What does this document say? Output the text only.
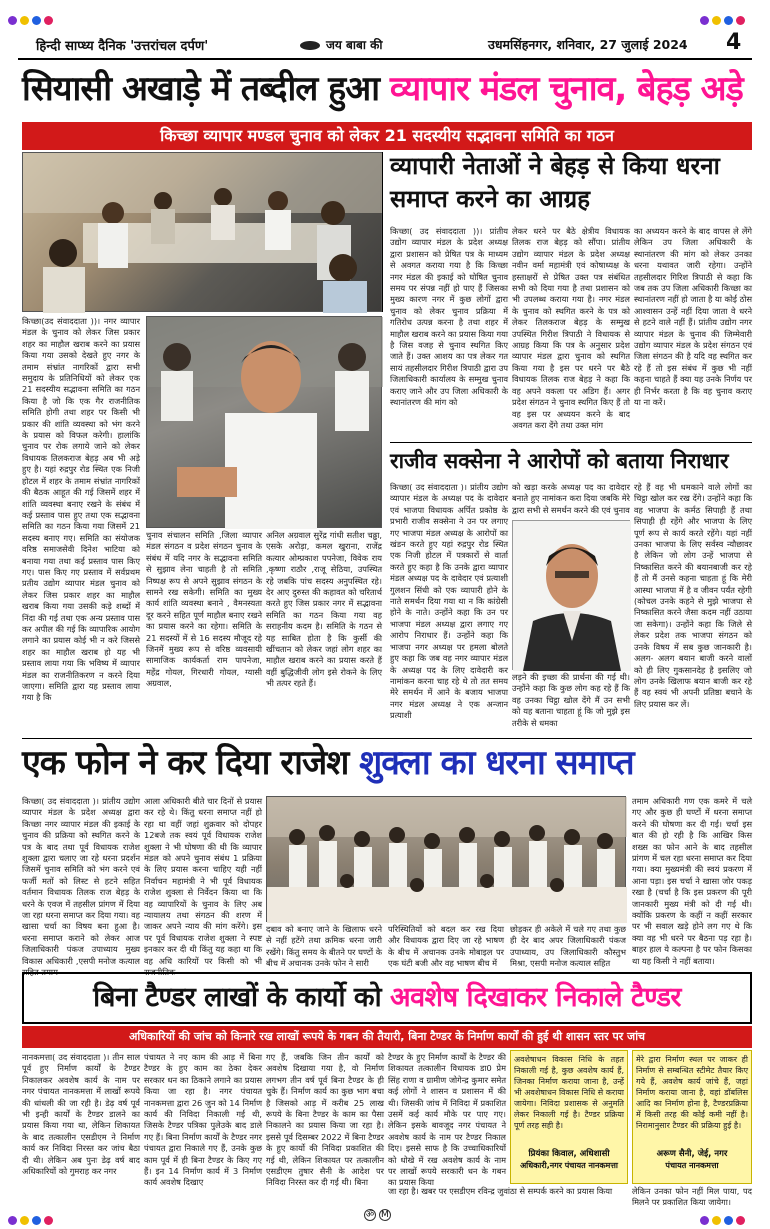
हिन्दी साप्ध्य दैनिक 'उत्तरांचल दर्पण'	जय बाबा की	उधमसिंहनगर, शनिवार, 27 जुलाई 2024 4
सियासी अखाड़े में तब्दील हुआ व्यापार मंडल चुनाव, बेहड़ अड़े
किच्छा व्यापार मण्डल चुनाव को लेकर 21 सदस्यीय सद्भावना समिति का गठन
व्यापारी नेताओं ने बेहड़ से किया धरना समाप्त करने का आग्रह
किच्छा( उद संवाददाता ))। प्रांतीय उद्योग व्यापार मंडल के प्रदेश अध्यक्ष द्वारा प्रशासन को प्रेषित पत्र के माध्यम से अवगत कराया गया है कि किच्छा नगर मंडल की इकाई को घोषित चुनाव समय पर संपन्न नहीं हो पाए हैं जिसका मुख्य कारण नगर में कुछ लोगों द्वारा चुनाव को लेकर चुनाव प्रक्रिया में गतिरोध उत्पन्न करना है तथा शहर में माहौल खराब करने का प्रयास किया गया है जिस वजह से चुनाव स्थगित किए जाते हैं। उक्त आशय का पत्र लेकर गत सायं तहसीलदार गिरीश त्रिपाठी द्वारा उप जिलाधिकारी कार्यालय के सम्मुख चुनाव कराए जाने और उप जिला अधिकारी के स्थानांतरण की मांग को
लेकर धरने पर बैठे क्षेत्रीय विधायक तिलक राज बेहड़ को सौंपा। प्रांतीय उद्योग व्यापार मंडल के प्रदेश अध्यक्ष नवीन वर्मा महामंत्री एवं कोषाध्यक्ष के हस्ताक्षरों से प्रेषित उक्त पत्र संबंधित सभी को दिया गया है तथा प्रशासन को भी उपलब्ध कराया गया है। नगर मंडल के चुनाव को स्थगित करने के पत्र को लेकर तिलकराज बेहड़ के सम्मुख उपस्थित गिरीश त्रिपाठी ने विधायक से आग्रह किया कि पत्र के अनुसार प्रदेश व्यापार मंडल द्वारा चुनाव को स्थगित किया गया है इस पर धरने पर बैठे विधायक तिलक राज बेहड़ ने कहा कि वह अपने वकला पर अडिग हैं। अगर प्रदेश संगठन ने चुनाव स्थगित किए हैं तो वह इस पर अध्ययन करने के बाद अवगत करा देंगे तथा उक्त मांग
का अध्ययन करने के बाद वापस ले लेंगे लेकिन उप जिला अधिकारी के स्थानांतरण की मांग को लेकर उनका धरना यथावत जारी रहेगा। उन्होंने तहसीलदार गिरिश त्रिपाठी से कहा कि जब तक उप जिला अधिकारी किच्छा का स्थानांतरण नहीं हो जाता है या कोई ठोस आश्वासन उन्हें नहीं दिया जाता वे धरने से हटने वाले नहीं हैं। प्रांतीय उद्योग नगर व्यापार मंडल के चुनाव की जिम्मेवारी उद्योग व्यापार मंडल के प्रदेश संगठन एवं जिला संगठन की है यदि वह स्थगित कर रहे हैं तो इस संबंध में कुछ भी नहीं कहना चाहते हैं क्या यह उनके निर्णय पर ही निर्भर करता है कि वह चुनाव कराए या ना करें।
किच्छा(उद संवाददाता ))। नगर व्यापार मंडल के चुनाव को लेकर जिस प्रकार शहर का माहौल खराब करने का प्रयास किया गया उसको देखते हुए नगर के तमाम संभ्रांत नागरिकों द्वारा सभी समुदाय के प्रतिनिधियों को लेकर एक 21 सदस्यीय सद्भावना समिति का गठन किया है जो कि एक गैर राजनीतिक समिति होगी तथा शहर पर किसी भी प्रकार की शांति व्यवस्था को भंग करने के प्रयास को विफल करेगी। हालांकि चुनाव पर रोक लगाये जाने को लेकर विधायक तिलकराज बेहड़ अब भी अड़े हुए है। यहां रुद्रपुर रोड स्थित एक निजी होटल में शहर के तमाम संभ्रांत नागरिकों की बैठक आहूत की गई जिसमें शहर में शांति व्यवस्था बनाए रखने के संबंध में कई प्रस्ताव पास हुए तथा एक सद्भावना समिति का गठन किया गया जिसमें 21 सदस्य बनाए गए। समिति का संयोजक वरिष्ठ समाजसेवी दिनेश भाटिया को बनाया गया तथा कई प्रस्ताव पास किए गए। पास किए गए प्रस्ताव में सर्वप्रथम प्रतीय उद्योग व्यापार मंडल चुनाव को लेकर जिस प्रकार शहर का माहौल खराब किया गया उसकी कड़े शब्दों में निंदा की गई तथा एक अन्य प्रस्ताव पास कर अपील की गई कि व्यापारिक आयोग लगाने का प्रयास कोई भी न करे जिससे शहर का माहौल खराब हो यह भी प्रस्ताव लाया गया कि भविष्य में व्यापार मंडल का राजनीतिकरण न करने दिया जाएगा। समिति द्वारा यह प्रस्ताव लाया गया है कि
चुनाव संचालन समिति ,जिला व्यापार मंडल संगठन व प्रदेश संगठन चुनाव के संबंध में यदि नगर के सद्भावना समिति से सुझाव लेना चाहती है तो समिति निष्पक्ष रूप से अपने सुझाव संगठन के सामने रख सकेगी। समिति का मुख्य कार्य शांति व्यवस्था बनाने , वैमनस्यता दूर करने सहित पूर्ण माहौल बनाए रखने का प्रयास करने का रहेगा। समिति के 21 सदस्यों में से 16 सदस्य मौजूद रहे जिनमें मुख्य रूप से वरिष्ठ व्यवसायी सामाजिक कार्यकर्ता राम पापनेजा, महेंद्र गोयल, गिरधारी गोयल, ग्यासी अग्रवाल,
अनिल अग्रवाल सुरेंद्र गांधी सतीश चढ्ढा, एसके अरोड़ा, कमल खुराना, राजेंद्र कत्यार ओम्प्रकाश पपनेजा, विवेक राय ,कृष्णा राठौर ,राजू सेठिया, उपस्थित रहे जबकि पांच सदस्य अनुपस्थित रहे। देर आए दुरुस्त की कहावत को चरितार्थ करते हुए जिस प्रकार नगर में सद्भावना समिति का गठन किया गया वह सराहनीय कदम है। समिति के गठन से यह साबित होता है कि कुर्सी की खींचतान को लेकर जहां लोग शहर का माहौल खराब करने का प्रयास करते हैं वहीं बुद्धिजीवी लोग इसे रोकने के लिए भी तत्पर रहते हैं।
राजीव सक्सेना ने आरोपों को बताया निराधार
किच्छा( उद संवाददाता )। प्रांतीय उद्योग व्यापार मंडल के अध्यक्ष पद के दावेदार एवं भाजपा विधायक अर्पित प्रकोष्ठ के प्रभारी राजीव सक्सेना ने उन पर लगाए गए भाजपा मंडल अध्यक्ष के आरोपों का खंडन करते हुए यहां रुद्रपुर रोड स्थित एक निजी होटल में पत्रकारों से वार्ता करते हुए कहा है कि उनके द्वारा व्यापार मंडल अध्यक्ष पद के दावेदार एवं प्रत्याशी गुलशन सिंधी को एक व्यापारी होने के नाते समर्थन दिया गया था न कि कांग्रेसी होने के नाते। उन्होंने कहा कि उन पर भाजपा मंडल अध्यक्ष द्वारा लगाए गए आरोप निराधार हैं। उन्होंने कहा कि भाजपा नगर अध्यक्ष पर हमला बोलते हुए कहा कि जब वह नगर व्यापार मंडल के अध्यक्ष पद के लिए दावेदारी कर नामांकन करना चाह रहे थे तो तत समय मेरे समर्थन में आने के बजाय भाजपा नगर मंडल अध्यक्ष ने एक अन्जान प्रत्याशी
को खड़ा करके अध्यक्ष पद का दावेदार बनाते हुए नामांकन करा दिया जबकि मेरे द्वारा सभी से समर्थन करने की एवं चुनाव
लड़ने की इच्छा की प्रार्थना की गई थी। उन्होंने कहा कि कुछ लोग कह रहे हैं कि वह उनका चिट्ठा खोल देंगे मैं उन सभी को यह बताना चाहता हूं कि जो मुझे इस तरीके से धमका
रहे हैं वह भी धमकाने वाले लोगों का चिट्ठा खोल कर रख देंगे। उन्होंने कहा कि वह भाजपा के कर्मठ सिपाही हैं तथा सिपाही ही रहेंगे और भाजपा के लिए पूर्ण रूप से कार्य करते रहेंगे। यहां नहीं उनका भाजपा के लिए सर्वस्व न्यौछावर है लेकिन जो लोग उन्हें भाजपा से निष्कासित करने की बयानबाजी कर रहे हैं तो मैं उनसे कहना चाहता हूं कि मेरी आस्था भाजपा में है व जीवन पर्यंत रहेगी (कोचल उनके कहने से मुझे भाजपा से निष्कासित करने जैसा कदम नहीं उठाया जा सकेगा)। उन्होंने कहा कि जिले से लेकर प्रदेश तक भाजपा संगठन को उनके विषय में सब कुछ जानकारी है। अलग- अलग बयान बाजी करने वालों को ही लिए गुकसानदेह है इसलिए जो लोग उनके खिलाफ बयान बाजी कर रहे हैं वह स्वयं भी अपनी प्रतिष्ठा बचाने के लिए प्रयास कर लें।
एक फोन ने कर दिया राजेश शुक्ला का धरना समाप्त
किच्छा( उद संवाददाता )। प्रांतीय उद्योग व्यापार मंडल के प्रदेश अध्यक्ष द्वारा किच्छा नगर व्यापार मंडल की इकाई के चुनाव की प्रक्रिया को स्थगित करने के पत्र के बाद तथा पूर्व विधायक राजेश शुक्ला द्वारा चलाए जा रहे धरना प्रदर्शन जिसमें चुनाव समिति को भंग करने एवं फर्जी मतों को लिस्ट से हटने सहित वर्तमान विधायक तिलक राज बेहड़ के धरने के एवज में तहसील प्रांगण में दिया जा रहा धरना समाप्त कर दिया गया। वह खासा चर्चा का विषय बना हुआ है। धरना समाप्त कराने को लेकर आज जिलाधिकारी पंकज उपाध्याय मुख्य विकास अधिकारी ,एसपी मनोज कत्याल सहित तमाम
आला अधिकारी बीते चार दिनों से प्रयास कर रहे थे। किंतु धरना समाप्त नहीं हो रहा था वहीं जहां शुक्रवार को दोपहर 12बजे तक स्वयं पूर्व विधायक राजेश शुक्ला ने भी घोषणा की थी कि व्यापार मंडल को अपने चुनाव संबंध 1 प्रक्रिया के लिए प्रयास करना चाहिए यही नहीं निर्वाचन महामंत्री ने भी पूर्व विधायक राजेश शुक्ला से निर्वेदन किया था कि वह व्यापारियों के चुनाव के लिए अब न्यायालय तथा संगठन की शरण में जाकर अपने न्याय की मांग करेंगे। इस पर पूर्व विधायक राजेश शुक्ला ने स्पष्ट इनकार कर दी थी किंतु यह कहा था कि वह अधि कारियों पर किसी को भी राजनीतिक
दबाव को बनाए जाने के खिलाफ धरने से नहीं हटेंगे तथा क्रमिक धरना जारी रखेंगे। किंतु समय के बीतने पर घण्टों के बीच में अचानक उनके फोन ने सारी
परिस्थितियों को बदल कर रख दिया और विधायक द्वारा दिए जा रहे भाषण के बीच में अचानक उनके मोबाइल पर एक घंटी बजी और वह भाषण बीच में
छोड़कर ही अकेले में चले गए तथा कुछ ही देर बाद अपर जिलाधिकारी पंकज उपाध्याय, उप जिलाधिकारी कौस्तुभ मिश्रा, एसपी मनोज कत्याल सहित
तमाम अधिकारी गण एक कमरे में चले गए और कुछ ही घण्टों में धरना समाप्त करने की घोषणा कर दी गई। चर्चा इस बात की हो रही है कि आखिर किस शख्स का फोन आने के बाद तहसील प्रांगण में चल रहा धरना समाप्त कर दिया गया। क्या मुख्यमंत्री की स्वयं प्रकरण में आना पड़ा। इस चर्चा ने खासा जोर पकड़ रखा है (चर्चा है कि इस प्रकरण की पूरी जानकारी मुख्य मंत्री को दी गई थी। क्योंकि प्रकरण के कहीं न कहीं सरकार पर भी सवाल खड़े होने लग गए थे कि क्या वह भी धरने पर बैठना पड़ रहा है।बाहर हाल ये कल्पना है पर फोन किसका था यह किसी ने नहीं बताया।
बिना टैण्डर लाखों के कार्यो को अवशेष दिखाकर निकाले टैण्डर
अधिकारियों की जांच को किनारे रख लाखों रूपये के गबन की तैयारी, बिना टैण्डर के निर्माण कार्यों की हुई थी शासन स्तर पर जांच
नानकमत्ता( उद संवाददाता )। तीन साल पूर्व हुए निर्माण कार्यों के टैण्डर निकालकर अवशेष कार्य के नाम पर नगर पंचायत नानकमत्ता में लाखों रूपये की धांधली की जा रही है। डेढ़ वर्ष पूर्व भी इन्ही कार्यों के टैण्डर डालने का प्रयास किया गया था, लेकिन शिकायत के बाद तत्कालीन एसडीएम ने निर्माण कार्य कर निविदा निरस्त कर जांच बैठा दी थी। लेकिन अब पुनः डेढ़ वर्ष बाद अधिकारियों को गुमराह कर नगर
पंचायत ने नए काम की आड़ में बिना टैण्डर के हुए काम का ठेका देकर सरकार धन का ठिकाने लगाने का प्रयास किया जा रहा है। नगर पंचायत नानकमत्ता द्वारा 26 जुन को 14 निर्माण कार्य की निविदा निकाली गई थी, जिसके टैण्डर पत्रिका पुलेउके बाद डाले गए हैं। बिना निर्माण कार्यों के टैण्डर नगर पंचायत द्वारा निकाले गए हैं, उनके कुछ काम पूर्व में ही बिना टैण्डर के किए गए हैं। इन 14 निर्माण कार्य में 3 निर्माण कार्य अवशेष दिखाए
गए हैं, जबकि जिन तीन कार्यों को अवशेष दिखाया गया है, वो निर्माण लगभग तीन वर्ष पूर्व बिना टैण्डर के ही चुके हैं। निर्माण कार्य का कुछ भाग बचा है जिसको आड़ में करीब 25 लाख रूपये के बिना टैण्डर के काम का पैसा निकालने का प्रयास किया जा रहा है। इससे पूर्व दिसम्बर 2022 में बिना टैण्डर के हुए कार्यो की निविदा प्रकाशित की गई थी, लेकिन शिकायत पर तत्कालीन एसडीएम तुषार सैनी के आदेश पर निविदा निरस्त कर दी गई थी। बिना
टैण्डर के हुए निर्माण कार्यों के टैण्डर की शिकायत तत्कालीन विधायक डा0 प्रेम सिंह राणा व ग्रामीण जोगेन्द्र कुमार समेत कई लोगों ने शासन व प्रशासन में की थी। जिसकी जांच में निविदा में प्रकाशित उसमें कई कार्य मौके पर पाए गए। लेकिन इसके बावजूद नगर पंचायत ने अवशेष कार्य के नाम पर टैण्डर निकाल दिए। इससे साफ है कि उच्चाधिकारियों को धोखे में रख अवशेष कार्य के नाम पर लाखों रूपये सरकारी धन के गबन का प्रयास किया
जा रहा है। खबर पर एसडीएम रविन्द्र जुवांठा से सम्पर्क करने का प्रयास किया
अवशेषाधन विकास निधि के तहत निकाली गई है, कुछ अवशेष कार्य हैं, जिनका निर्माण कराया जाना है, उन्हें भी अवशेषाधन विकास निधि से कराया जायेगा। निविदा प्रशासक से अनुमति लेकर निकाली गई है। टैण्डर प्रक्रिया पूर्ण तरह सही है।
प्रियंका किवाल, अधिशासी
अधिकारी,नगर पंचायत नानकमत्ता
मेरे द्वारा निर्माण स्थल पर जाकर ही निर्माण से सम्बन्धित स्टीमेट तैयार किए गये हैं, अवशेष कार्य जांचे हैं, जहां निर्माण कराया जाना है, वहां डॉबलिस आदि का निर्माण होना है, टैण्डरप्रक्रिया में किसी तरह की कोई कमी नहीं है। निरामानुसार टैण्डर की प्रक्रिया हुई है।
अरूण सैनी, जेई, नगर
पंचायत नानकमत्ता
लेकिन उनका फोन नहीं मिल पाया, पद मिलने पर प्रकाशित किया जायेगा।
ॐ M
